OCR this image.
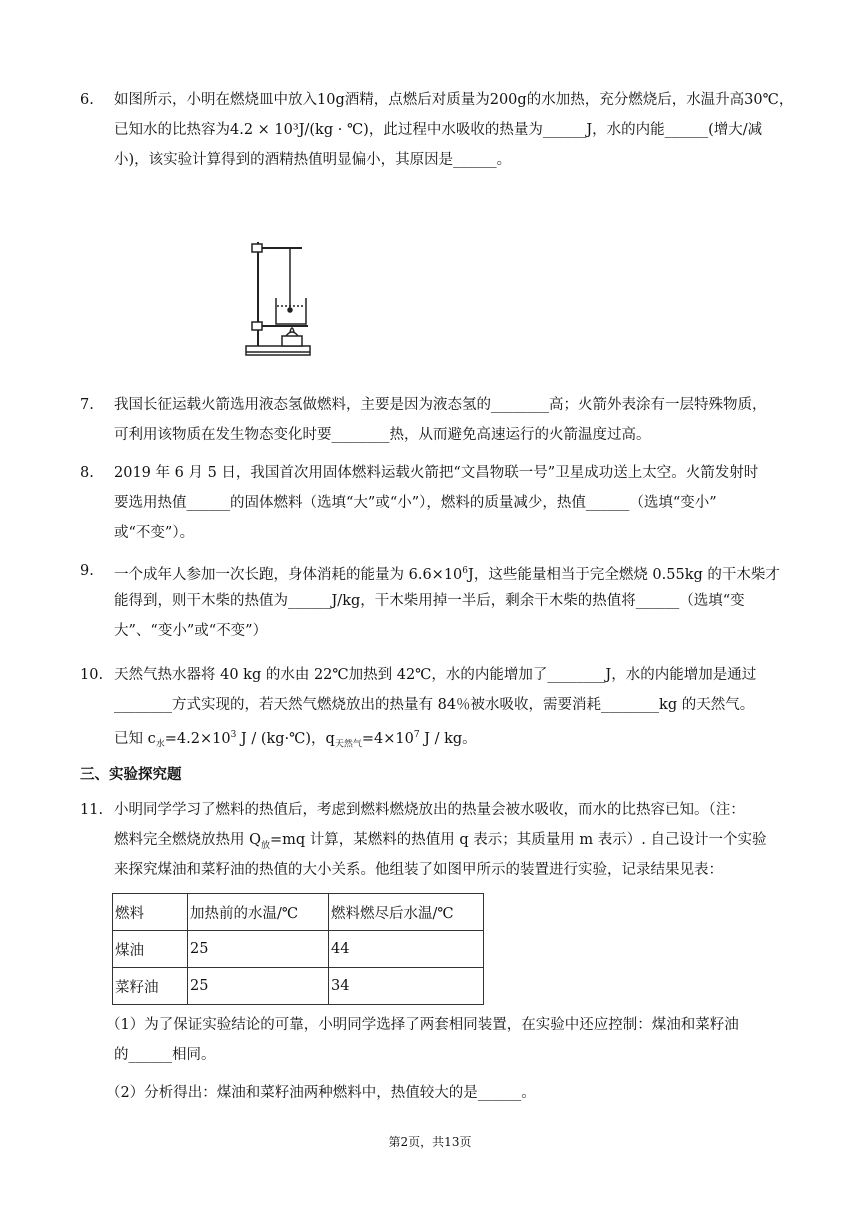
6. 如图所示，小明在燃烧皿中放入10g酒精，点燃后对质量为200g的水加热，充分燃烧后，水温升高30℃，
已知水的比热容为4.2 × 10³J/(kg · ℃)，此过程中水吸收的热量为______J，水的内能______(增大/减
小)，该实验计算得到的酒精热值明显偏小，其原因是______。
7. 我国长征运载火箭选用液态氢做燃料，主要是因为液态氢的________高；火箭外表涂有一层特殊物质，
可利用该物质在发生物态变化时要________热，从而避免高速运行的火箭温度过高。
8. 2019 年 6 月 5 日，我国首次用固体燃料运载火箭把“文昌物联一号”卫星成功送上太空。火箭发射时
要选用热值______的固体燃料（选填“大”或“小”），燃料的质量减少，热值______（选填“变小”
或“不变”）。
9. 一个成年人参加一次长跑，身体消耗的能量为 $6.6\times 10^6J$，这些能量相当于完全燃烧 0.55kg 的干木柴才
能得到，则干木柴的热值为______J/kg，干木柴用掉一半后，剩余干木柴的热值将______（选填“变
大”、“变小”或“不变”）
10. 天然气热水器将 40 kg 的水由 22℃加热到 42℃，水的内能增加了________J，水的内能增加是通过
________方式实现的，若天然气燃烧放出的热量有 84％被水吸收，需要消耗________kg 的天然气。
已知 $c_水=4.2\times 10^3$ J / (kg·℃)，$q_{天然气}=4\times 10^7$ J / kg。
三、实验探究题
11. 小明同学学习了燃料的热值后，考虑到燃料燃烧放出的热量会被水吸收，而水的比热容已知。（注：
燃料完全燃烧放热用 $Q_放=mq$ 计算，某燃料的热值用 q 表示；其质量用 m 表示）. 自己设计一个实验
来探究煤油和菜籽油的热值的大小关系。他组装了如图甲所示的装置进行实验，记录结果见表：
燃料	加热前的水温/℃	燃料燃尽后水温/℃
煤油	25	44
菜籽油	25	34
（1）为了保证实验结论的可靠，小明同学选择了两套相同装置，在实验中还应控制：煤油和菜籽油
的______相同。
（2）分析得出：煤油和菜籽油两种燃料中，热值较大的是______。
第2页，共13页
